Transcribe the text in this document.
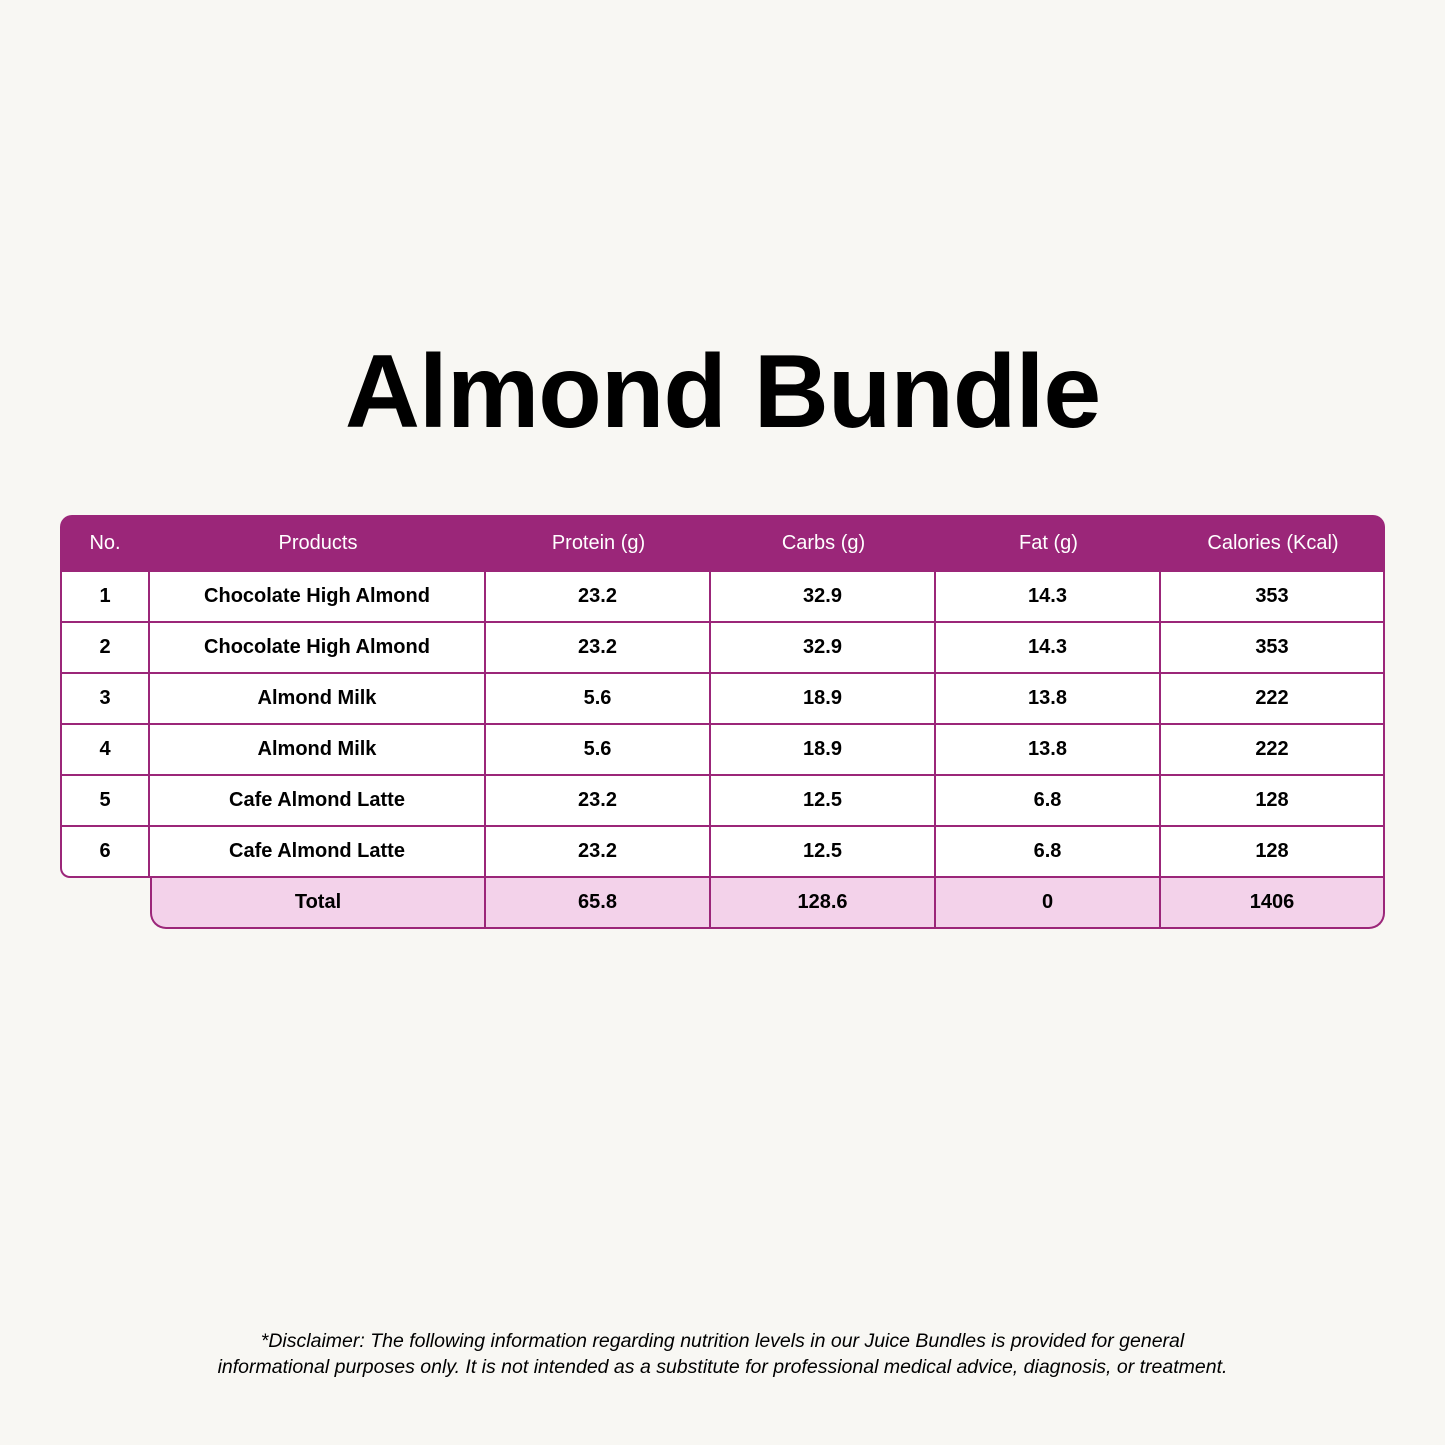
Almond Bundle
No.	Products	Protein (g)	Carbs (g)	Fat (g)	Calories (Kcal)
1	Chocolate High Almond	23.2	32.9	14.3	353
2	Chocolate High Almond	23.2	32.9	14.3	353
3	Almond Milk	5.6	18.9	13.8	222
4	Almond Milk	5.6	18.9	13.8	222
5	Cafe Almond Latte	23.2	12.5	6.8	128
6	Cafe Almond Latte	23.2	12.5	6.8	128
	Total	65.8	128.6	0	1406
*Disclaimer: The following information regarding nutrition levels in our Juice Bundles is provided for general
informational purposes only. It is not intended as a substitute for professional medical advice, diagnosis, or treatment.
